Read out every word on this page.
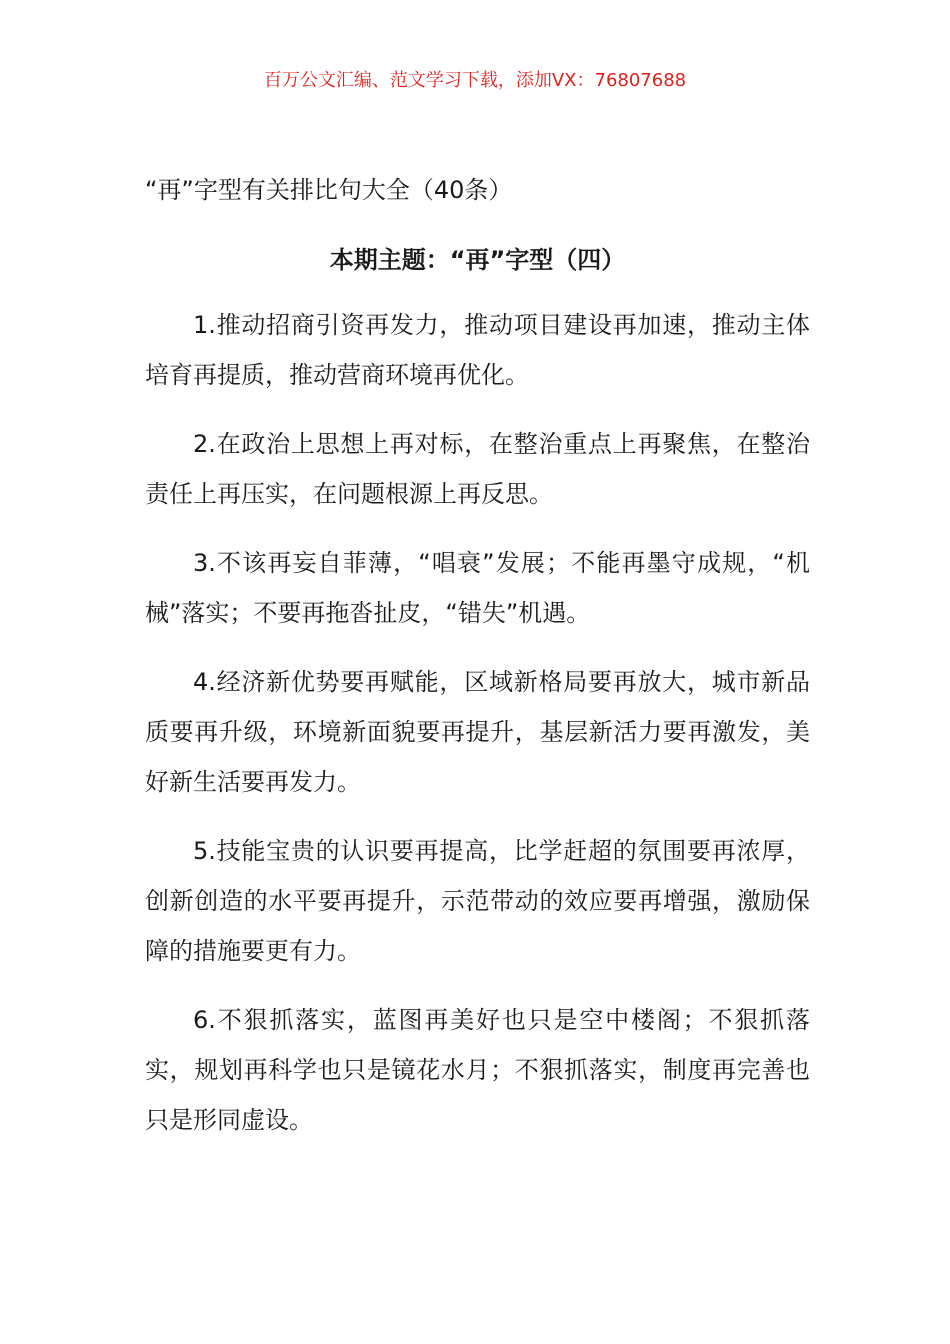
百万公文汇编、范文学习下载，添加VX：76807688
“再”字型有关排比句大全（40条）
本期主题：“再”字型（四）

1.推动招商引资再发力，推动项目建设再加速，推动主体培育再提质，推动营商环境再优化。

2.在政治上思想上再对标，在整治重点上再聚焦，在整治责任上再压实，在问题根源上再反思。

3.不该再妄自菲薄，“唱衰”发展；不能再墨守成规，“机械”落实；不要再拖沓扯皮，“错失”机遇。

4.经济新优势要再赋能，区域新格局要再放大，城市新品质要再升级，环境新面貌要再提升，基层新活力要再激发，美好新生活要再发力。

5.技能宝贵的认识要再提高，比学赶超的氛围要再浓厚，创新创造的水平要再提升，示范带动的效应要再增强，激励保障的措施要更有力。

6.不狠抓落实，蓝图再美好也只是空中楼阁；不狠抓落实，规划再科学也只是镜花水月；不狠抓落实，制度再完善也只是形同虚设。
